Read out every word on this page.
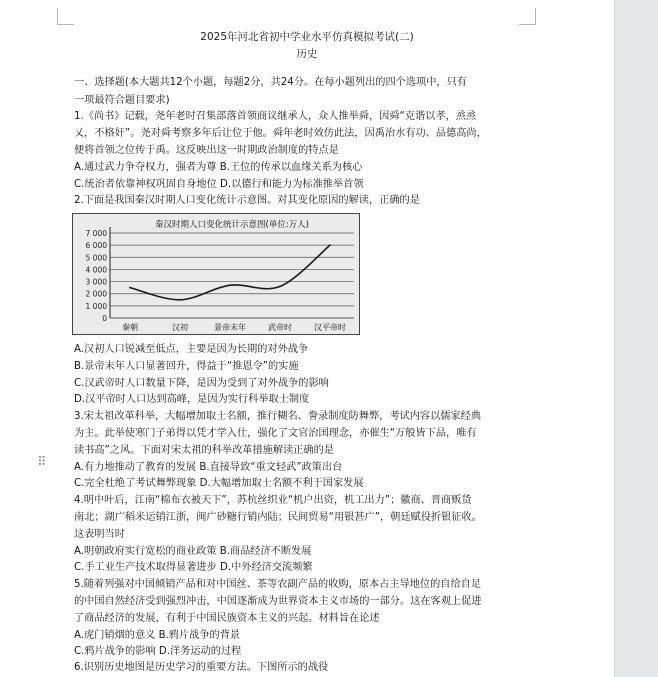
2025年河北省初中学业水平仿真模拟考试(二)
历史
一、选择题(本大题共12个小题，每题2分，共24分。在每小题列出的四个选项中，只有
一项最符合题目要求)
1.《尚书》记载，尧年老时召集部落首领商议继承人，众人推举舜，因舜“克谐以孝，烝烝
乂，不格奸”。尧对舜考察多年后让位于他。舜年老时效仿此法，因禹治水有功、品德高尚，
便将首领之位传于禹。这反映出这一时期政治制度的特点是
A.通过武力争夺权力，强者为尊 B.王位的传承以血缘关系为核心
C.统治者依靠神权巩固自身地位 D.以德行和能力为标准推举首领
2.下面是我国秦汉时期人口变化统计示意图。对其变化原因的解读，正确的是
秦汉时期人口变化统计示意图(单位:万人)
0
1 000
2 000
3 000
4 000
5 000
6 000
7 000
秦朝	汉初	景帝末年	武帝时	汉平帝时
A.汉初人口锐减至低点，主要是因为长期的对外战争
B.景帝末年人口显著回升，得益于“推恩令”的实施
C.汉武帝时人口数量下降，是因为受到了对外战争的影响
D.汉平帝时人口达到高峰，是因为实行科举取士制度
3.宋太祖改革科举，大幅增加取士名额，推行糊名、誊录制度防舞弊，考试内容以儒家经典
为主。此举使寒门子弟得以凭才学入仕，强化了文官治国理念，亦催生“万般皆下品，唯有
读书高”之风。下面对宋太祖的科举改革措施解读正确的是
A.有力地推动了教育的发展 B.直接导致“重文轻武”政策出台
C.完全杜绝了考试舞弊现象 D.大幅增加取士名额不利于国家发展
4.明中叶后，江南“棉布衣被天下”，苏杭丝织业“机户出资，机工出力”；徽商、晋商贩货
南北；湖广稻米运销江浙，闽广砂糖行销内陆；民间贸易“用银甚广”，朝廷赋役折银征收。
这表明当时
A.明朝政府实行宽松的商业政策 B.商品经济不断发展
C.手工业生产技术取得显著进步 D.中外经济交流频繁
5.随着列强对中国倾销产品和对中国丝、茶等农副产品的收购，原本占主导地位的自给自足
的中国自然经济受到强烈冲击，中国逐渐成为世界资本主义市场的一部分。这在客观上促进
了商品经济的发展，有利于中国民族资本主义的兴起。材料旨在论述
A.虎门销烟的意义 B.鸦片战争的背景
C.鸦片战争的影响 D.洋务运动的过程
6.识别历史地图是历史学习的重要方法。下图所示的战役
⠿
